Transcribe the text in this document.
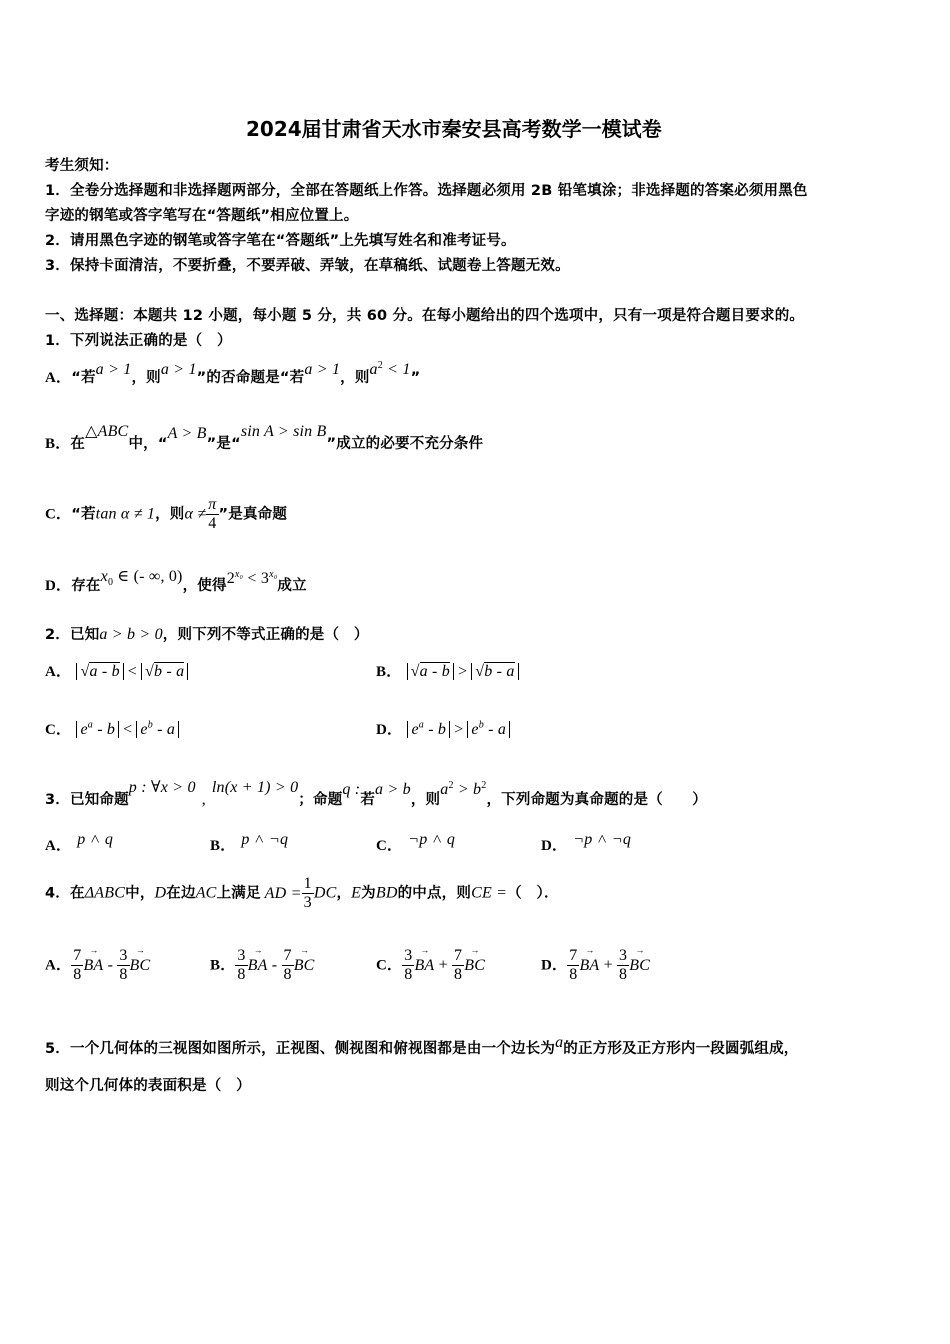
2024届甘肃省天水市秦安县高考数学一模试卷
考生须知：
1．全卷分选择题和非选择题两部分，全部在答题纸上作答。选择题必须用 2B 铅笔填涂；非选择题的答案必须用黑色
字迹的钢笔或答字笔写在“答题纸”相应位置上。
2．请用黑色字迹的钢笔或答字笔在“答题纸”上先填写姓名和准考证号。
3．保持卡面清洁，不要折叠，不要弄破、弄皱，在草稿纸、试题卷上答题无效。
一、选择题：本题共 12 小题，每小题 5 分，共 60 分。在每小题给出的四个选项中，只有一项是符合题目要求的。
1．下列说法正确的是（　）
A．“若a > 1，则a > 1”的否命题是“若a > 1，则$a^2 < 1$”
B．在△ABC中，“A > B”是“sin A > sin B”成立的必要不充分条件
C．“若tan α ≠ 1，则$\alpha \ne \frac{\pi}{4}$ ”是真命题
D．存在$x_0$ ∈ (- ∞, 0)，使得$2^{x_0} < 3^{x_0}$成立
2．已知a > b > 0，则下列不等式正确的是（　）
A． √a - b < √b - a	B． √a - b > √b - a
C． $e^a - b < e^b - a$	D． $e^a - b > e^b - a$
3．已知命题p : ∀x > 0,ln(x + 1) > 0；命题q :若a > b，则$a^2 > b^2$，下列命题为真命题的是（　　）
A． p ˄ q	B． p ˄ ¬q	C． ¬p ˄ q	D． ¬p ˄ ¬q
4．在ΔABC中，D在边AC上满足 AD = $\frac{1}{3}$ DC，E为BD的中点，则CE =（　）．
A． $\frac{7}{8}$ → BA - $\frac{3}{8}$ → BC	B． $\frac{3}{8}$ → BA - $\frac{7}{8}$ → BC	C． $\frac{3}{8}$ → BA + $\frac{7}{8}$ → BC	D． $\frac{7}{8}$ → BA + $\frac{3}{8}$ → BC
5．一个几何体的三视图如图所示，正视图、侧视图和俯视图都是由一个边长为a的正方形及正方形内一段圆弧组成，
则这个几何体的表面积是（　）
